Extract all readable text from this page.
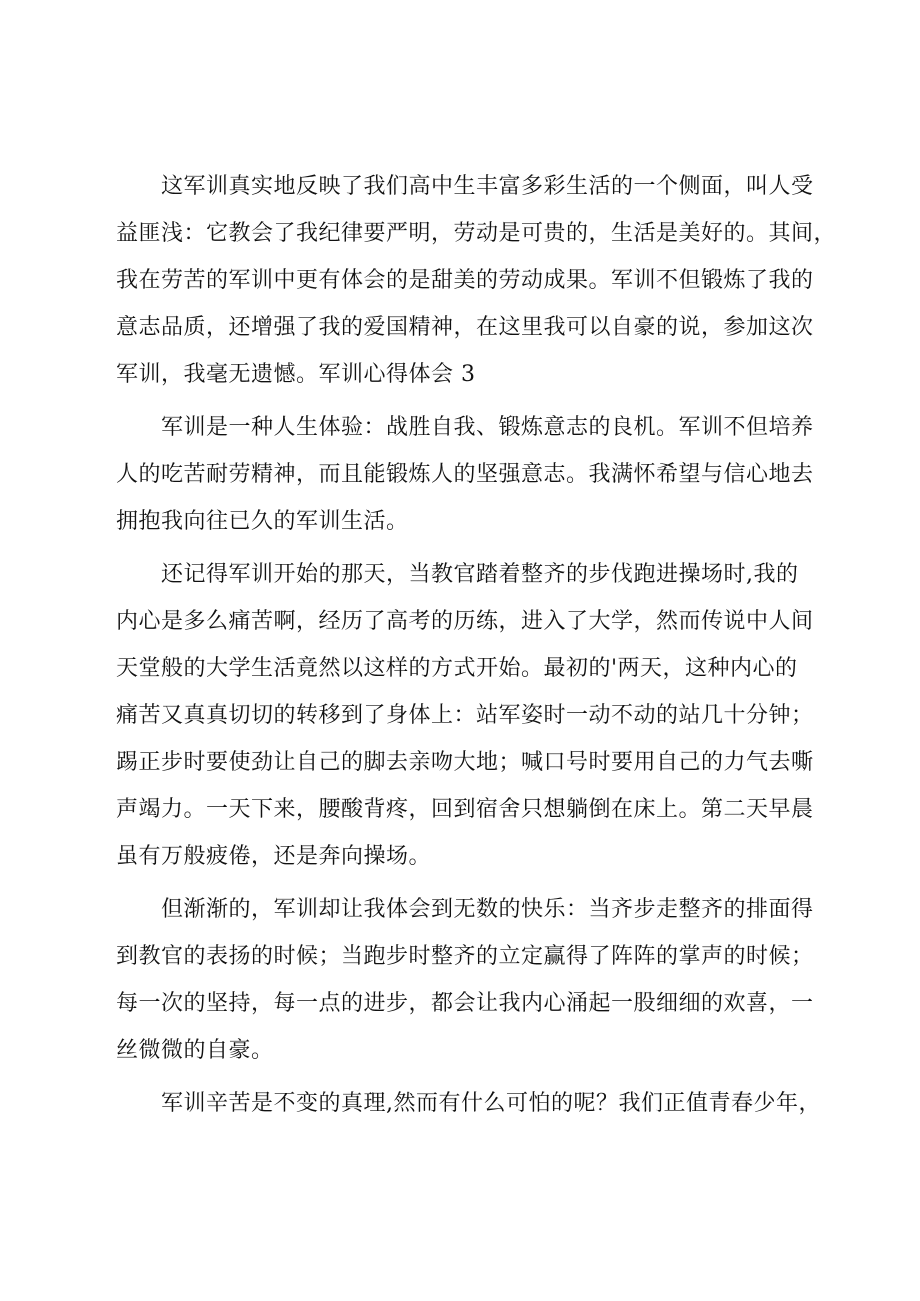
　　这军训真实地反映了我们高中生丰富多彩生活的一个侧面，叫人受
益匪浅：它教会了我纪律要严明，劳动是可贵的，生活是美好的。其间，
我在劳苦的军训中更有体会的是甜美的劳动成果。军训不但锻炼了我的
意志品质，还增强了我的爱国精神，在这里我可以自豪的说，参加这次
军训，我毫无遗憾。军训心得体会 3
　　军训是一种人生体验：战胜自我、锻炼意志的良机。军训不但培养
人的吃苦耐劳精神，而且能锻炼人的坚强意志。我满怀希望与信心地去
拥抱我向往已久的军训生活。
　　还记得军训开始的那天，当教官踏着整齐的步伐跑进操场时,我的
内心是多么痛苦啊，经历了高考的历练，进入了大学，然而传说中人间
天堂般的大学生活竟然以这样的方式开始。最初的'两天，这种内心的
痛苦又真真切切的转移到了身体上：站军姿时一动不动的站几十分钟；
踢正步时要使劲让自己的脚去亲吻大地；喊口号时要用自己的力气去嘶
声竭力。一天下来，腰酸背疼，回到宿舍只想躺倒在床上。第二天早晨
虽有万般疲倦，还是奔向操场。
　　但渐渐的，军训却让我体会到无数的快乐：当齐步走整齐的排面得
到教官的表扬的时候；当跑步时整齐的立定赢得了阵阵的掌声的时候；
每一次的坚持，每一点的进步，都会让我内心涌起一股细细的欢喜，一
丝微微的自豪。
　　军训辛苦是不变的真理,然而有什么可怕的呢？我们正值青春少年，
